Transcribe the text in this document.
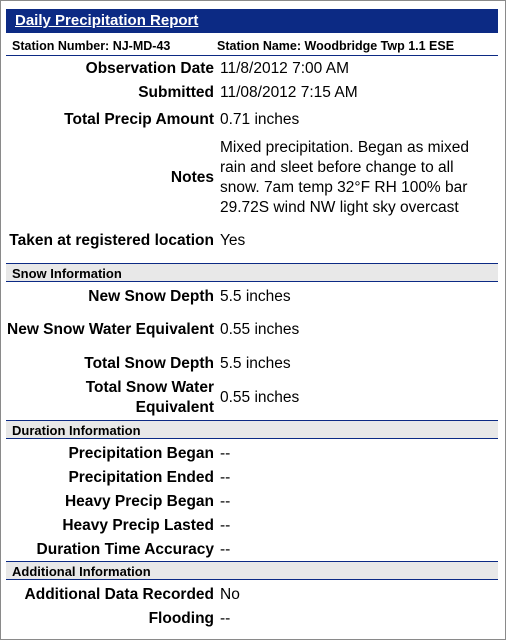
Daily Precipitation Report
Station Number: NJ-MD-43	Station Name: Woodbridge Twp 1.1 ESE
Observation Date 11/8/2012 7:00 AM
Submitted 11/08/2012 7:15 AM
Total Precip Amount 0.71 inches
Notes
Mixed precipitation. Began as mixed rain and sleet before change to all snow. 7am temp 32°F RH 100% bar 29.72S wind NW light sky overcast
Taken at registered location Yes
Snow Information
New Snow Depth 5.5 inches
New Snow Water Equivalent 0.55 inches
Total Snow Depth 5.5 inches
Total Snow Water Equivalent
0.55 inches
Duration Information
Precipitation Began --
Precipitation Ended --
Heavy Precip Began --
Heavy Precip Lasted --
Duration Time Accuracy --
Additional Information
Additional Data Recorded No
Flooding --
